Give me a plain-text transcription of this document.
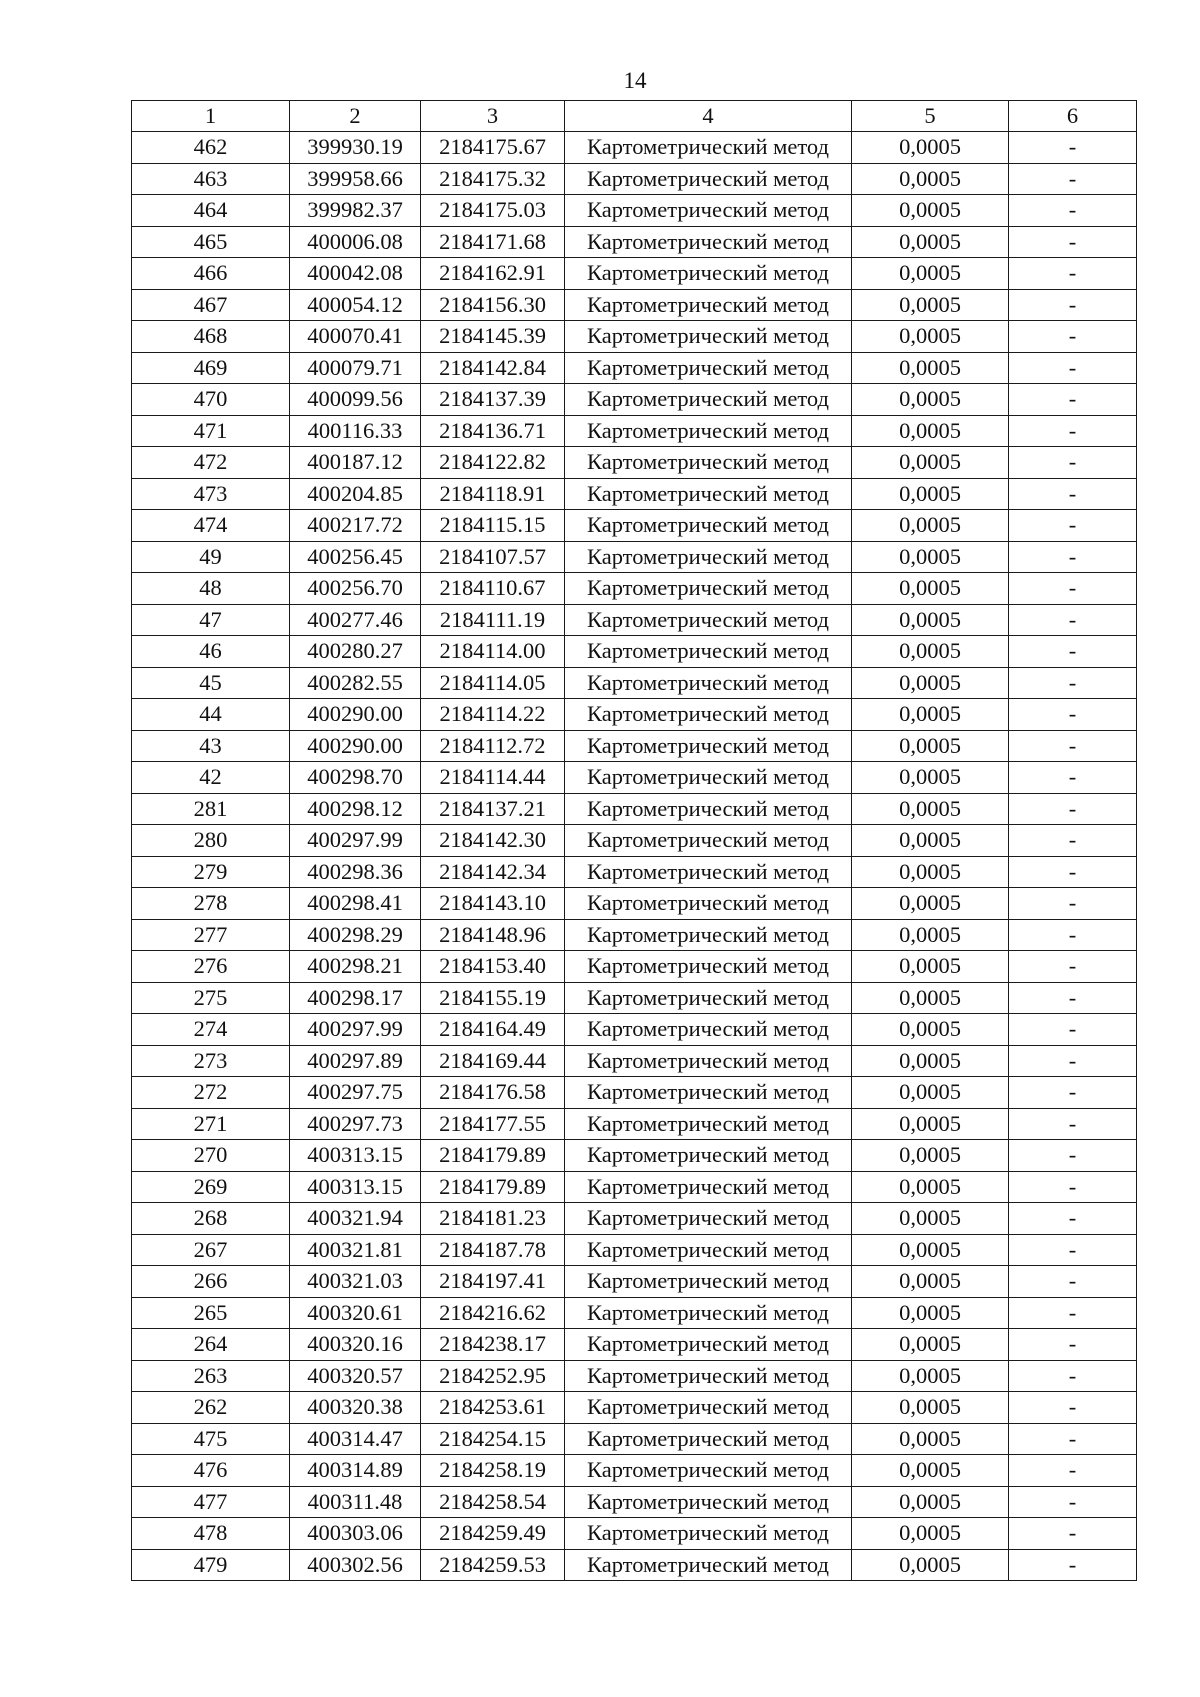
14
1	2	3	4	5	6
462	399930.19	2184175.67	Картометрический метод	0,0005	-
463	399958.66	2184175.32	Картометрический метод	0,0005	-
464	399982.37	2184175.03	Картометрический метод	0,0005	-
465	400006.08	2184171.68	Картометрический метод	0,0005	-
466	400042.08	2184162.91	Картометрический метод	0,0005	-
467	400054.12	2184156.30	Картометрический метод	0,0005	-
468	400070.41	2184145.39	Картометрический метод	0,0005	-
469	400079.71	2184142.84	Картометрический метод	0,0005	-
470	400099.56	2184137.39	Картометрический метод	0,0005	-
471	400116.33	2184136.71	Картометрический метод	0,0005	-
472	400187.12	2184122.82	Картометрический метод	0,0005	-
473	400204.85	2184118.91	Картометрический метод	0,0005	-
474	400217.72	2184115.15	Картометрический метод	0,0005	-
49	400256.45	2184107.57	Картометрический метод	0,0005	-
48	400256.70	2184110.67	Картометрический метод	0,0005	-
47	400277.46	2184111.19	Картометрический метод	0,0005	-
46	400280.27	2184114.00	Картометрический метод	0,0005	-
45	400282.55	2184114.05	Картометрический метод	0,0005	-
44	400290.00	2184114.22	Картометрический метод	0,0005	-
43	400290.00	2184112.72	Картометрический метод	0,0005	-
42	400298.70	2184114.44	Картометрический метод	0,0005	-
281	400298.12	2184137.21	Картометрический метод	0,0005	-
280	400297.99	2184142.30	Картометрический метод	0,0005	-
279	400298.36	2184142.34	Картометрический метод	0,0005	-
278	400298.41	2184143.10	Картометрический метод	0,0005	-
277	400298.29	2184148.96	Картометрический метод	0,0005	-
276	400298.21	2184153.40	Картометрический метод	0,0005	-
275	400298.17	2184155.19	Картометрический метод	0,0005	-
274	400297.99	2184164.49	Картометрический метод	0,0005	-
273	400297.89	2184169.44	Картометрический метод	0,0005	-
272	400297.75	2184176.58	Картометрический метод	0,0005	-
271	400297.73	2184177.55	Картометрический метод	0,0005	-
270	400313.15	2184179.89	Картометрический метод	0,0005	-
269	400313.15	2184179.89	Картометрический метод	0,0005	-
268	400321.94	2184181.23	Картометрический метод	0,0005	-
267	400321.81	2184187.78	Картометрический метод	0,0005	-
266	400321.03	2184197.41	Картометрический метод	0,0005	-
265	400320.61	2184216.62	Картометрический метод	0,0005	-
264	400320.16	2184238.17	Картометрический метод	0,0005	-
263	400320.57	2184252.95	Картометрический метод	0,0005	-
262	400320.38	2184253.61	Картометрический метод	0,0005	-
475	400314.47	2184254.15	Картометрический метод	0,0005	-
476	400314.89	2184258.19	Картометрический метод	0,0005	-
477	400311.48	2184258.54	Картометрический метод	0,0005	-
478	400303.06	2184259.49	Картометрический метод	0,0005	-
479	400302.56	2184259.53	Картометрический метод	0,0005	-
